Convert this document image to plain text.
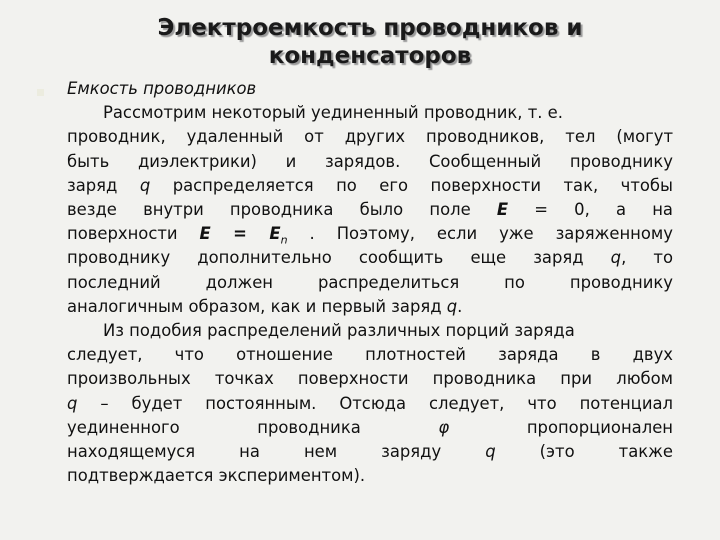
Электроемкость проводников и
конденсаторов
Емкость проводников
Рассмотрим некоторый уединенный проводник, т. е.
проводник, удаленный от других проводников, тел (могут
быть диэлектрики) и зарядов. Сообщенный проводнику
заряд q распределяется по его поверхности так, чтобы
везде внутри проводника было поле E = 0, а на
поверхности $E = E_n$ . Поэтому, если уже заряженному
проводнику дополнительно сообщить еще заряд q, то
последний должен распределиться по проводнику
аналогичным образом, как и первый заряд q.
Из подобия распределений различных порций заряда
следует, что отношение плотностей заряда в двух
произвольных точках поверхности проводника при любом
q – будет постоянным. Отсюда следует, что потенциал
уединенного проводника φ пропорционален
находящемуся на нем заряду q (это также
подтверждается экспериментом).
